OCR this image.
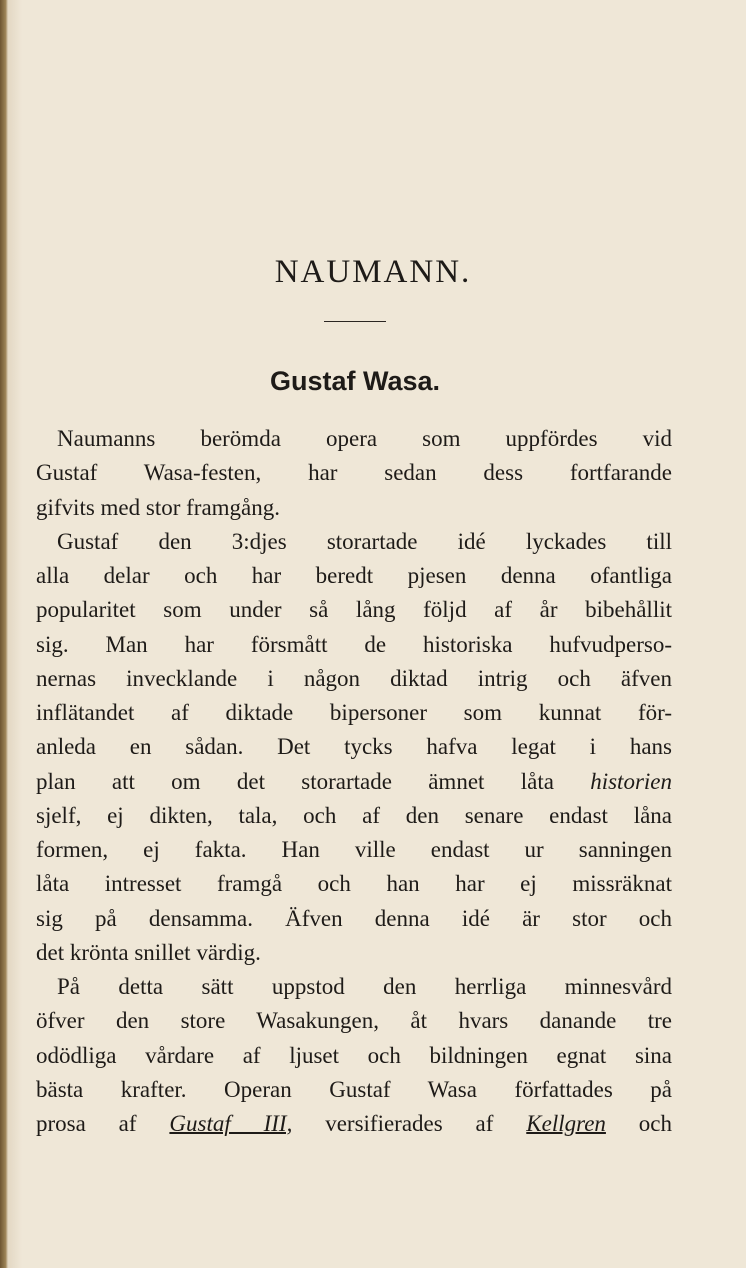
NAUMANN.
Gustaf Wasa.
Naumanns berömda opera som uppfördes vid
Gustaf Wasa-festen, har sedan dess fortfarande
gifvits med stor framgång.
Gustaf den 3:djes storartade idé lyckades till
alla delar och har beredt pjesen denna ofantliga
popularitet som under så lång följd af år bibehållit
sig. Man har försmått de historiska hufvudperso-
nernas invecklande i någon diktad intrig och äfven
inflätandet af diktade bipersoner som kunnat för-
anleda en sådan. Det tycks hafva legat i hans
plan att om det storartade ämnet låta historien
sjelf, ej dikten, tala, och af den senare endast låna
formen, ej fakta. Han ville endast ur sanningen
låta intresset framgå och han har ej missräknat
sig på densamma. Äfven denna idé är stor och
det krönta snillet värdig.
På detta sätt uppstod den herrliga minnesvård
öfver den store Wasakungen, åt hvars danande tre
odödliga vårdare af ljuset och bildningen egnat sina
bästa krafter. Operan Gustaf Wasa författades på
prosa af Gustaf III, versifierades af Kellgren och
